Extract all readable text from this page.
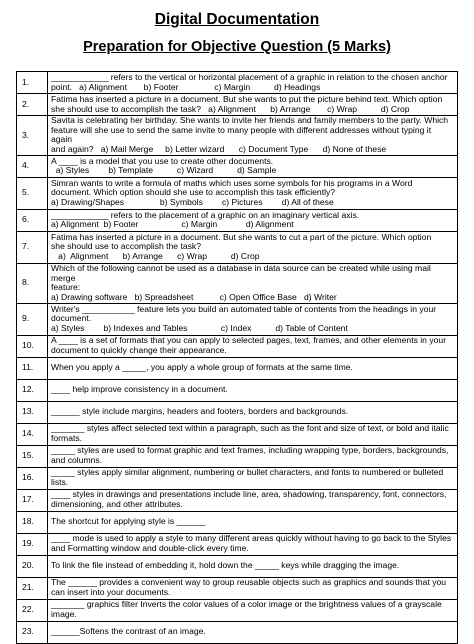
Digital Documentation
Preparation for Objective Question (5 Marks)
1.	____________ refers to the vertical or horizontal placement of a graphic in relation to the chosen anchor
point.   a) Alignment       b) Footer               c) Margin          d) Headings

2.	Fatima has inserted a picture in a document. But she wants to put the picture behind text. Which option
she should use to accomplish the task?   a) Alignment      b) Arrange       c) Wrap          d) Crop

3.	Savita is celebrating her birthday. She wants to invite her friends and family members to the party. Which
feature will she use to send the same invite to many people with different addresses without typing it again
and again?   a) Mail Merge     b) Letter wizard      c) Document Type      d) None of these

4.	A ____ is a model that you use to create other documents.
a) Styles        b) Template          c) Wizard          d) Sample

5.	Simran wants to write a formula of maths which uses some symbols for his programs in a Word
document. Which option should she use to accomplish this task efficiently?
a) Drawing/Shapes               b) Symbols        c) Pictures        d) All of these

6.	____________ refers to the placement of a graphic on an imaginary vertical axis.
a) Alignment  b) Footer                  c) Margin            d) Alignment

7.	Fatima has inserted a picture in a document. But she wants to cut a part of the picture. Which option
she should use to accomplish the task?
a)  Alignment      b) Arrange      c) Wrap          d) Crop

8.	Which of the following cannot be used as a database in data source can be created while using mail merge
feature:
a) Drawing software   b) Spreadsheet           c) Open Office Base   d) Writer

9.	Writer's ___________ feature lets you build an automated table of contents from the headings in your
document.
a) Styles        b) Indexes and Tables              c) Index          d) Table of Content

10.	A ____ is a set of formats that you can apply to selected pages, text, frames, and other elements in your
document to quickly change their appearance.

11.	When you apply a _____, you apply a whole group of formats at the same time.

12.	____ help improve consistency in a document.

13.	______ style include margins, headers and footers, borders and backgrounds.

14.	_______ styles affect selected text within a paragraph, such as the font and size of text, or bold and italic
formats.

15.	_____ styles are used to format graphic and text frames, including wrapping type, borders, backgrounds,
and columns.

16.	_____ styles apply similar alignment, numbering or bullet characters, and fonts to numbered or bulleted
lists.

17.	____ styles in drawings and presentations include line, area, shadowing, transparency, font, connectors,
dimensioning, and other attributes.

18.	The shortcut for applying style is ______

19.	____ mode is used to apply a style to many different areas quickly without having to go back to the Styles
and Formatting window and double-click every time.

20.	To link the file instead of embedding it, hold down the _____ keys while dragging the image.

21.	The ______ provides a convenient way to group reusable objects such as graphics and sounds that you
can insert into your documents.

22.	_______ graphics filter Inverts the color values of a color image or the brightness values of a grayscale
image.

23.	______Softens the contrast of an image.
